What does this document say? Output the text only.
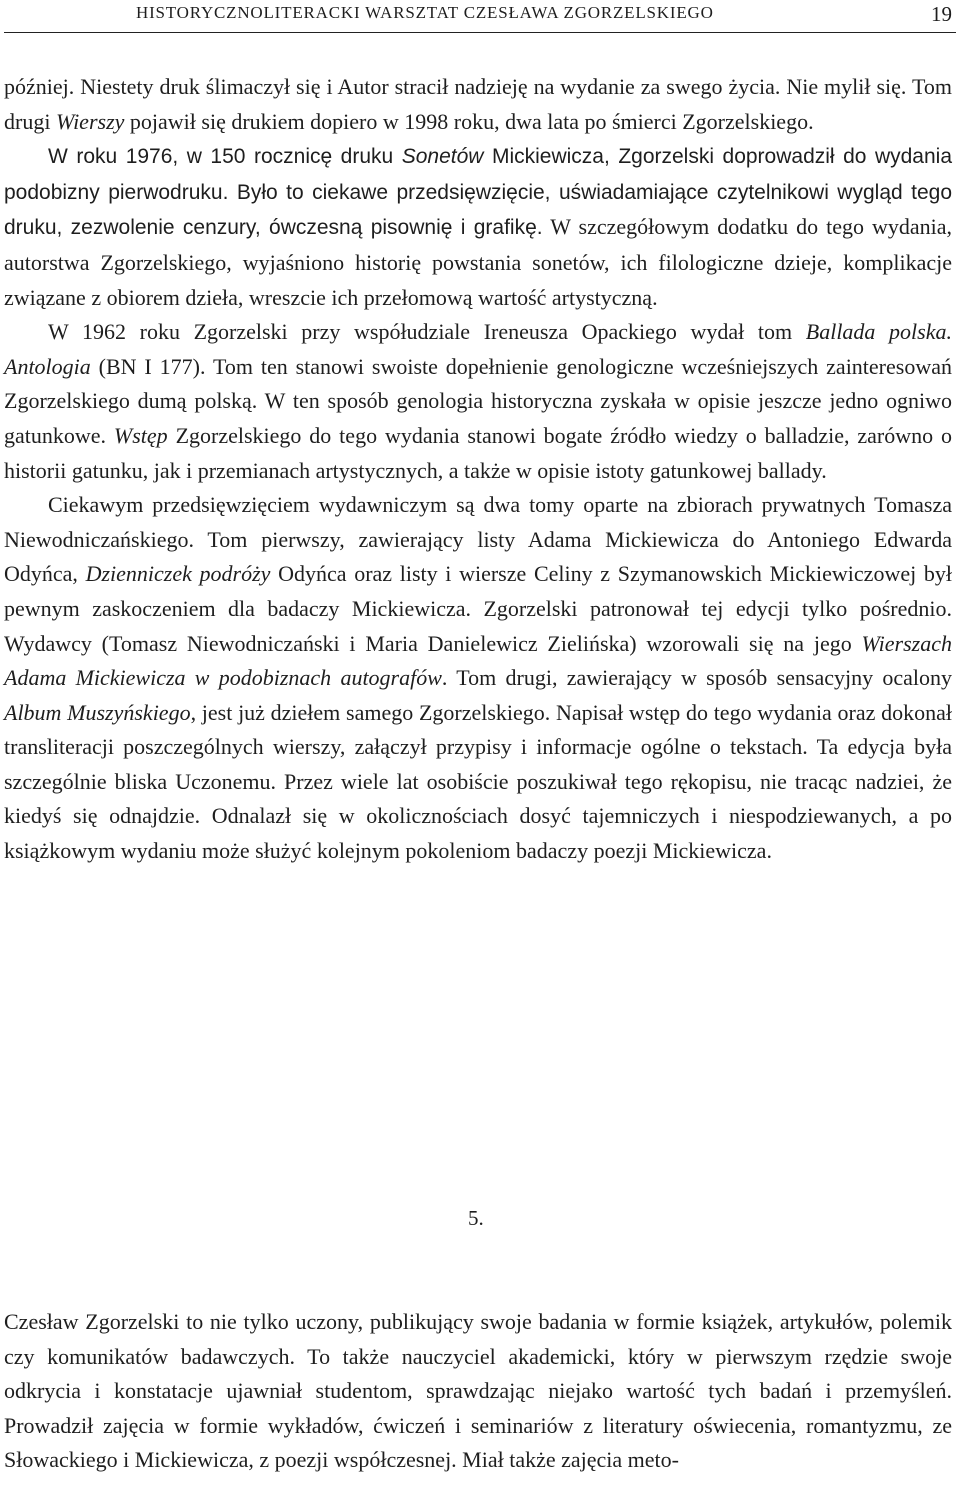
HISTORYCZNOLITERACKI WARSZTAT CZESŁAWA ZGORZELSKIEGO	19

później. Niestety druk ślimaczył się i Autor stracił nadzieję na wydanie za swego życia. Nie mylił się. Tom drugi Wierszy pojawił się drukiem dopiero w 1998 roku, dwa lata po śmierci Zgorzelskiego.

W roku 1976, w 150 rocznicę druku Sonetów Mickiewicza, Zgorzelski doprowadził do wydania podobizny pierwodruku. Było to ciekawe przedsięwzięcie, uświadamiające czytelnikowi wygląd tego druku, zezwolenie cenzury, ówczesną pisownię i grafikę. W szczegółowym dodatku do tego wydania, autorstwa Zgorzelskiego, wyjaśniono historię powstania sonetów, ich filologiczne dzieje, komplikacje związane z obiorem dzieła, wreszcie ich przełomową wartość artystyczną.

W 1962 roku Zgorzelski przy współudziale Ireneusza Opackiego wydał tom Ballada polska. Antologia (BN I 177). Tom ten stanowi swoiste dopełnienie genologiczne wcześniejszych zainteresowań Zgorzelskiego dumą polską. W ten sposób genologia historyczna zyskała w opisie jeszcze jedno ogniwo gatunkowe. Wstęp Zgorzelskiego do tego wydania stanowi bogate źródło wiedzy o balladzie, zarówno o historii gatunku, jak i przemianach artystycznych, a także w opisie istoty gatunkowej ballady.

Ciekawym przedsięwzięciem wydawniczym są dwa tomy oparte na zbiorach prywatnych Tomasza Niewodniczańskiego. Tom pierwszy, zawierający listy Adama Mickiewicza do Antoniego Edwarda Odyńca, Dzienniczek podróży Odyńca oraz listy i wiersze Celiny z Szymanowskich Mickiewiczowej był pewnym zaskoczeniem dla badaczy Mickiewicza. Zgorzelski patronował tej edycji tylko pośrednio. Wydawcy (Tomasz Niewodniczański i Maria Danielewicz Zielińska) wzorowali się na jego Wierszach Adama Mickiewicza w podobiznach autografów. Tom drugi, zawierający w sposób sensacyjny ocalony Album Muszyńskiego, jest już dziełem samego Zgorzelskiego. Napisał wstęp do tego wydania oraz dokonał transliteracji poszczególnych wierszy, załączył przypisy i informacje ogólne o tekstach. Ta edycja była szczególnie bliska Uczonemu. Przez wiele lat osobiście poszukiwał tego rękopisu, nie tracąc nadziei, że kiedyś się odnajdzie. Odnalazł się w okolicznościach dosyć tajemniczych i niespodziewanych, a po książkowym wydaniu może służyć kolejnym pokoleniom badaczy poezji Mickiewicza.

5.

Czesław Zgorzelski to nie tylko uczony, publikujący swoje badania w formie książek, artykułów, polemik czy komunikatów badawczych. To także nauczyciel akademicki, który w pierwszym rzędzie swoje odkrycia i konstatacje ujawniał studentom, sprawdzając niejako wartość tych badań i przemyśleń. Prowadził zajęcia w formie wykładów, ćwiczeń i seminariów z literatury oświecenia, romantyzmu, ze Słowackiego i Mickiewicza, z poezji współczesnej. Miał także zajęcia meto-
